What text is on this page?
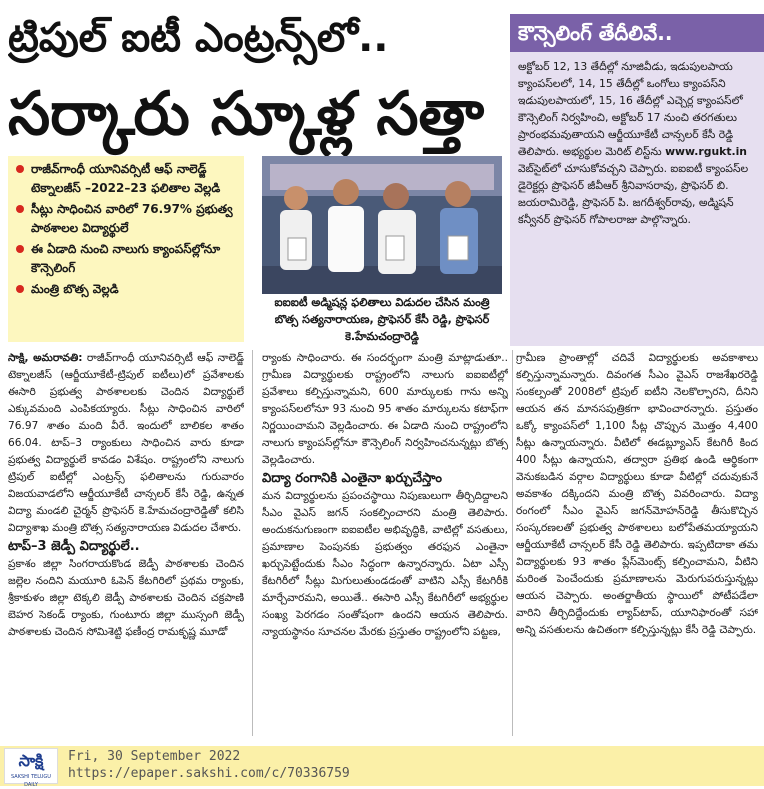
ట్రిపుల్ ఐటీ ఎంట్రన్స్‌లో..
సర్కారు స్కూళ్ల సత్తా
కౌన్సెలింగ్ తేదీలివే..
అక్టోబర్ 12, 13 తేదీల్లో నూజివీడు, ఇడుపులపాయ క్యాంపస్‌లలో, 14, 15 తేదీల్లో ఒంగోలు క్యాంపస్‌ని ఇడుపులపాయలో, 15, 16 తేదీల్లో ఎచ్చెర్ల క్యాంపస్‌లో కౌన్సెలింగ్ నిర్వహించి, అక్టోబర్ 17 నుంచి తరగతులు ప్రారంభమవుతాయని ఆర్జీయూకేటీ చాన్సలర్ కేసీ రెడ్డి తెలిపారు. అభ్యర్థుల మెరిట్ లిస్ట్‌ను www.rgukt.in వెబ్‌సైట్‌లో చూసుకోవచ్చని చెప్పారు. ఐఐఐటీ క్యాంపస్‌ల డైరెక్టర్లు ప్రొఫెసర్ జీవీఆర్ శ్రీనివాసరావు, ప్రొఫెసర్ బి. జయరామిరెడ్డి, ప్రొఫెసర్ పి. జగదీశ్వర్‌రావు, అడ్మిషన్ కన్వీనర్ ప్రొఫెసర్ గోపాలరాజు పాల్గొన్నారు.
రాజీవ్‌గాంధీ యూనివర్సిటీ ఆఫ్ నాలెడ్జ్ టెక్నాలజీస్ –2022–23 ఫలితాల వెల్లడి
సీట్లు సాధించిన వారిలో 76.97% ప్రభుత్వ పాఠశాలల విద్యార్థులే
ఈ ఏడాది నుంచి నాలుగు క్యాంపస్‌ల్లోనూ కౌన్సెలింగ్
మంత్రి బొత్స వెల్లడి
ఐఐఐటీ అడ్మిషన్ల ఫలితాలు విడుదల చేసిన మంత్రి బొత్స సత్యనారాయణ, ప్రొఫెసర్ కేసీ రెడ్డి, ప్రొఫెసర్ కె.హేమచంద్రారెడ్డి
సాక్షి, అమరావతి: రాజీవ్‌గాంధీ యూనివర్సిటీ ఆఫ్ నాలెడ్జ్ టెక్నాలజీస్ (ఆర్జీయూకేటీ-ట్రిపుల్ ఐటీలు)లో ప్రవేశాలకు ఈసారి ప్రభుత్వ పాఠశాలలకు చెందిన విద్యార్థులే ఎక్కువమంది ఎంపికయ్యారు. సీట్లు సాధించిన వారిలో 76.97 శాతం మంది వీరే. ఇందులో బాలికల శాతం 66.04. టాప్–3 ర్యాంకులు సాధించిన వారు కూడా ప్రభుత్వ విద్యార్థులే కావడం విశేషం. రాష్ట్రంలోని నాలుగు ట్రిపుల్ ఐటీల్లో ఎంట్రన్స్ ఫలితాలను గురువారం విజయవాడలోని ఆర్జీయూకేటీ చాన్సలర్ కేసీ రెడ్డి, ఉన్నత విద్యా మండలి చైర్మన్ ప్రొఫెసర్ కె.హేమచంద్రారెడ్డితో కలిసి విద్యాశాఖ మంత్రి బొత్స సత్యనారాయణ విడుదల చేశారు.
టాప్–3 జెడ్పీ విద్యార్థులే..
ప్రకాశం జిల్లా సింగరాయకొండ జెడ్పీ పాఠశాలకు చెందిన జల్లెల నందిని మయూరి ఓపెన్ కేటగిరిలో ప్రథమ ర్యాంకు, శ్రీకాకుళం జిల్లా టెక్కలి జెడ్పీ పాఠశాలకు చెందిన చక్రపాణి బెహర సెకండ్ ర్యాంకు, గుంటూరు జిల్లా ముస్సంగి జెడ్పీ పాఠశాలకు చెందిన సోమిశెట్టి ఫణీంద్ర రామకృష్ణ మూడో
ర్యాంకు సాధించారు. ఈ సందర్భంగా మంత్రి మాట్లాడుతూ.. గ్రామీణ విద్యార్థులకు రాష్ట్రంలోని నాలుగు ఐఐఐటీల్లో ప్రవేశాలు కల్పిస్తున్నామని, 600 మార్కులకు గాను అన్ని క్యాంపస్‌లలోనూ 93 నుంచి 95 శాతం మార్కులను కటాఫ్‌గా నిర్ణయించామని వెల్లడించారు. ఈ ఏడాది నుంచి రాష్ట్రంలోని నాలుగు క్యాంపస్‌ల్లోనూ కౌన్సెలింగ్ నిర్వహించనున్నట్లు బొత్స వెల్లడించారు.
విద్యా రంగానికి ఎంతైనా ఖర్చుచేస్తాం
మన విద్యార్థులను ప్రపంచస్థాయి నిపుణులుగా తీర్చిదిద్దాలని సీఎం వైఎస్ జగన్ సంకల్పించారని మంత్రి తెలిపారు. అందుకనుగుణంగా ఐఐఐటీల అభివృద్ధికి, వాటిల్లో వసతులు, ప్రమాణాల పెంపునకు ప్రభుత్వం తరఫున ఎంతైనా ఖర్చుపెట్టేందుకు సీఎం సిద్ధంగా ఉన్నారన్నారు. ఏటా ఎస్సీ కేటగిరీలో సీట్లు మిగులుతుండడంతో వాటిని ఎస్సీ కేటగిరీకి మార్చేవారమని, అయితే.. ఈసారి ఎస్సీ కేటగిరీలో అభ్యర్థుల సంఖ్య పెరగడం సంతోషంగా ఉందని ఆయన తెలిపారు. న్యాయస్థానం సూచనల మేరకు ప్రస్తుతం రాష్ట్రంలోని పట్టణ,
గ్రామీణ ప్రాంతాల్లో చదివే విద్యార్థులకు అవకాశాలు కల్పిస్తున్నామన్నారు. దివంగత సీఎం వైఎస్ రాజశేఖరరెడ్డి సంకల్పంతో 2008లో ట్రిపుల్ ఐటీని నెలకొల్పారని, దీనిని ఆయన తన మానసపుత్రికగా భావించారన్నారు. ప్రస్తుతం ఒక్కో క్యాంపస్‌లో 1,100 సీట్ల చొప్పున మొత్తం 4,400 సీట్లు ఉన్నాయన్నారు. వీటిలో ఈడబ్ల్యూఎస్ కేటగిరీ కింద 400 సీట్లు ఉన్నాయని, తద్వారా ప్రతిభ ఉండి ఆర్థికంగా వెనుకబడిన వర్గాల విద్యార్థులు కూడా వీటిల్లో చదువుకునే అవకాశం దక్కిందని మంత్రి బొత్స వివరించారు. విద్యా రంగంలో సీఎం వైఎస్ జగన్‌మోహన్‌రెడ్డి తీసుకొచ్చిన సంస్కరణలతో ప్రభుత్వ పాఠశాలలు బలోపేతమయ్యాయని ఆర్జీయూకేటీ చాన్సలర్ కేసీ రెడ్డి తెలిపారు. ఇప్పటిదాకా తమ విద్యార్థులకు 93 శాతం ప్లేస్‌మెంట్స్ కల్పించామని, వీటిని మరింత పెంచేందుకు ప్రమాణాలను మెరుగుపరుస్తున్నట్లు ఆయన చెప్పారు. అంతర్జాతీయ స్థాయిలో పోటీపడేలా వారిని తీర్చిదిద్దేందుకు ల్యాప్‌టాప్, యూనిఫారంతో సహా అన్ని వసతులను ఉచితంగా కల్పిస్తున్నట్లు కేసీ రెడ్డి చెప్పారు.
సాక్షి
SAKSHI TELUGU DAILY
Fri, 30 September 2022
https://epaper.sakshi.com/c/70336759
